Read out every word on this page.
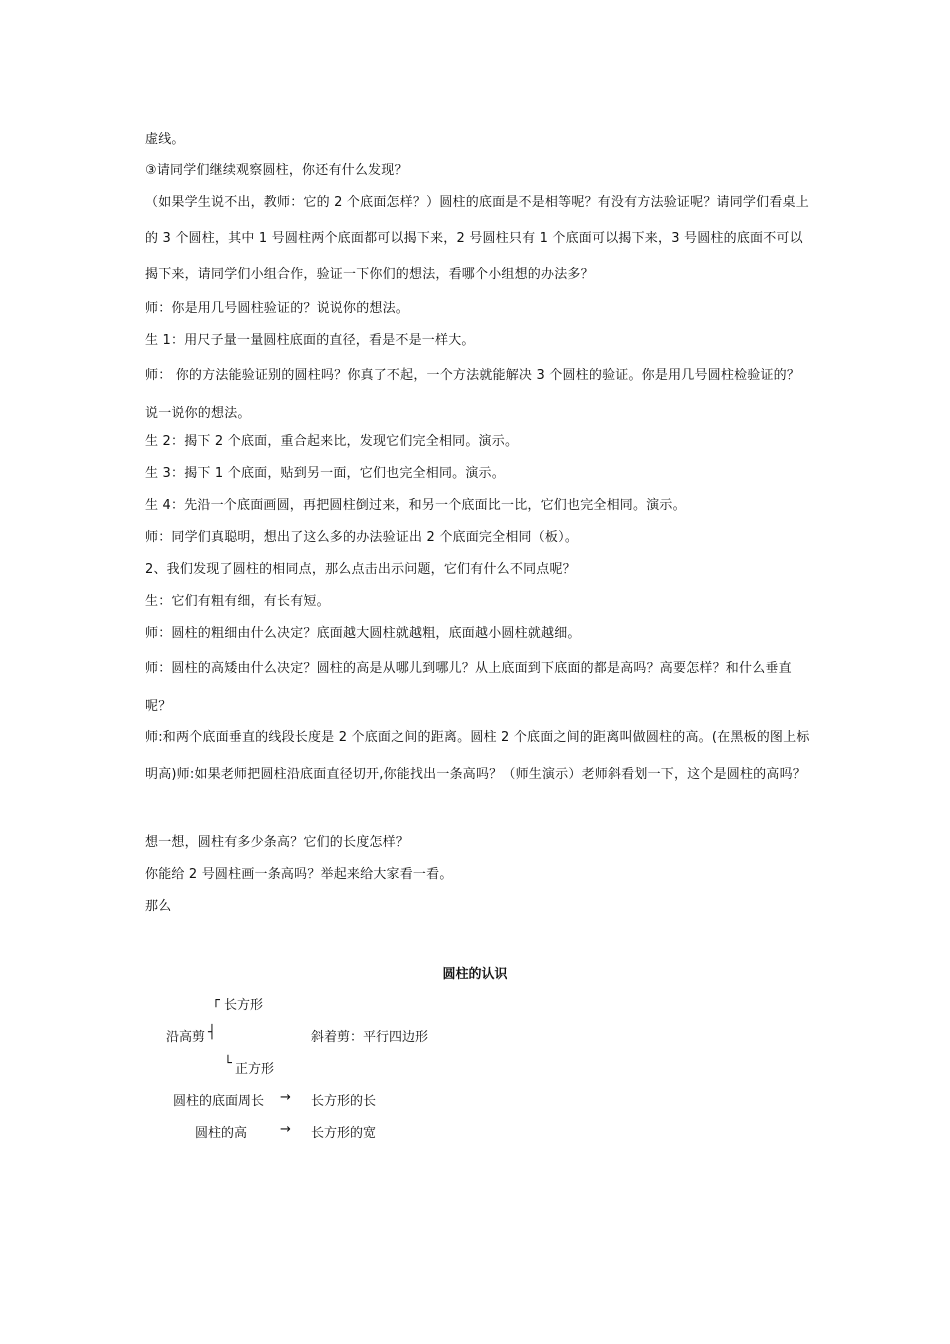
虚线。

③请同学们继续观察圆柱，你还有什么发现？

（如果学生说不出，教师：它的 2 个底面怎样？）圆柱的底面是不是相等呢？有没有方法验证呢？请同学们看桌上的 3 个圆柱，其中 1 号圆柱两个底面都可以揭下来，2 号圆柱只有 1 个底面可以揭下来，3 号圆柱的底面不可以揭下来，请同学们小组合作，验证一下你们的想法，看哪个小组想的办法多？

师：你是用几号圆柱验证的？说说你的想法。

生 1：用尺子量一量圆柱底面的直径，看是不是一样大。

师： 你的方法能验证别的圆柱吗？你真了不起，一个方法就能解决 3 个圆柱的验证。你是用几号圆柱检验证的？说一说你的想法。

生 2：揭下 2 个底面，重合起来比，发现它们完全相同。演示。

生 3：揭下 1 个底面，贴到另一面，它们也完全相同。演示。

生 4：先沿一个底面画圆，再把圆柱倒过来，和另一个底面比一比，它们也完全相同。演示。

师：同学们真聪明，想出了这么多的办法验证出 2 个底面完全相同（板）。

2、我们发现了圆柱的相同点，那么点击出示问题，它们有什么不同点呢？

生：它们有粗有细，有长有短。

师：圆柱的粗细由什么决定？底面越大圆柱就越粗，底面越小圆柱就越细。

师：圆柱的高矮由什么决定？圆柱的高是从哪儿到哪儿？从上底面到下底面的都是高吗？高要怎样？和什么垂直呢？

师:和两个底面垂直的线段长度是 2 个底面之间的距离。圆柱 2 个底面之间的距离叫做圆柱的高。(在黑板的图上标明高)师:如果老师把圆柱沿底面直径切开,你能找出一条高吗？（师生演示）老师斜看划一下，这个是圆柱的高吗？

想一想，圆柱有多少条高？它们的长度怎样？

你能给 2 号圆柱画一条高吗？举起来给大家看一看。

那么

圆柱的认识
┌ 长方形
沿高剪 ┤	斜着剪：平行四边形
└ 正方形
圆柱的底面周长 → 长方形的长
圆柱的高	→ 长方形的宽
